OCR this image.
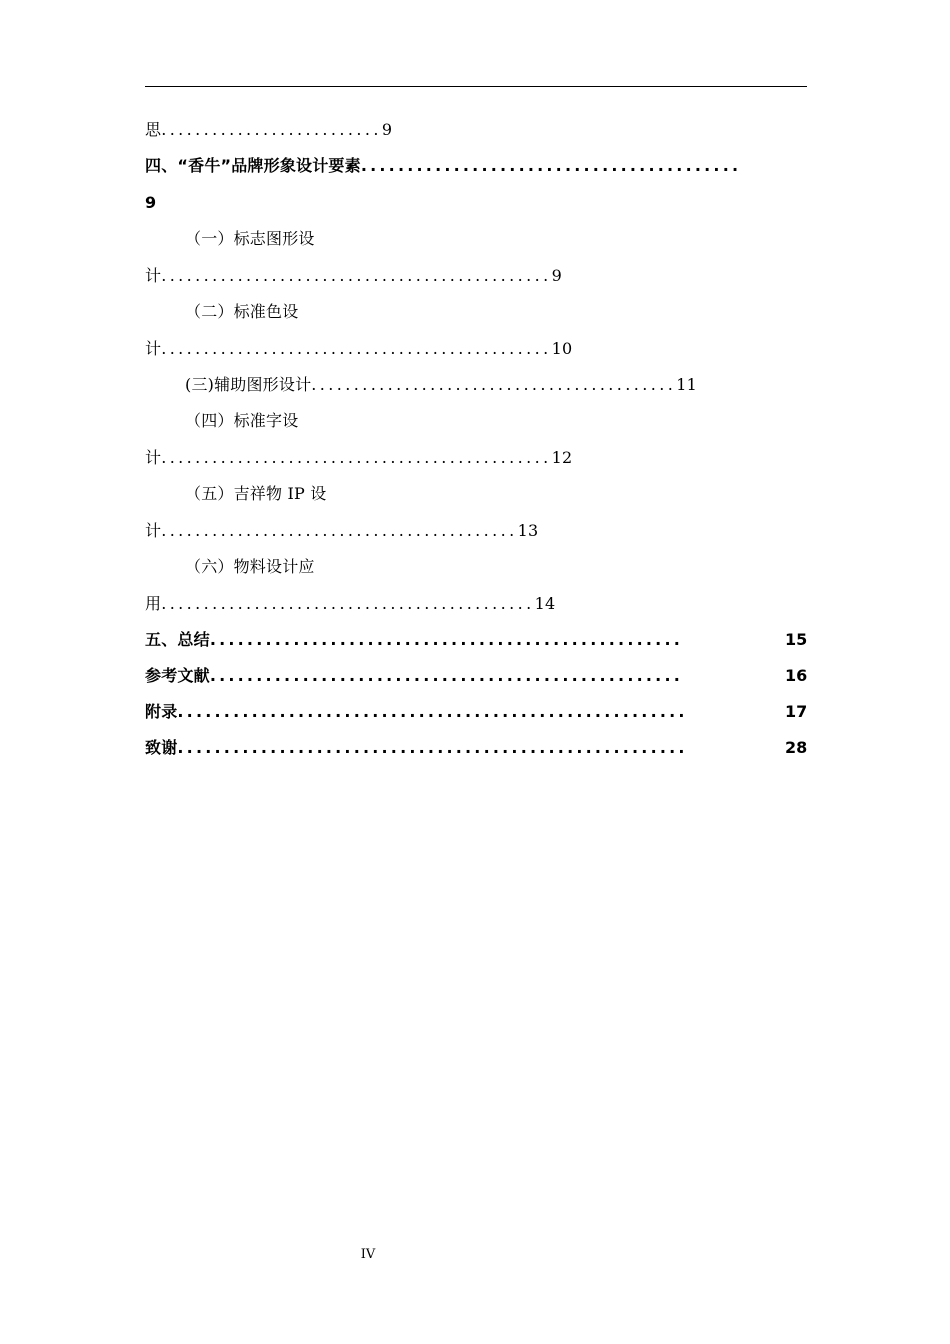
思..........................9
四、“香牛”品牌形象设计要素.........................................
9
（一）标志图形设
计..............................................9
（二）标准色设
计..............................................10
(三)辅助图形设计...........................................11
（四）标准字设
计..............................................12
（五）吉祥物 IP 设
计..........................................13
（六）物料设计应
用............................................14
五、总结...................................................	15
参考文献...................................................	16
附录.......................................................	17
致谢.......................................................	28
IV
